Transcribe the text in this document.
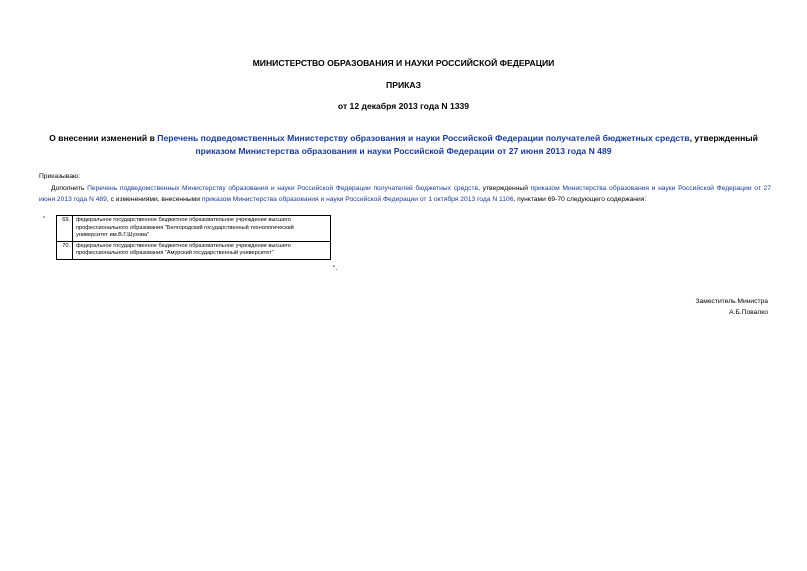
МИНИСТЕРСТВО ОБРАЗОВАНИЯ И НАУКИ РОССИЙСКОЙ ФЕДЕРАЦИИ
ПРИКАЗ
от 12 декабря 2013 года N 1339
О внесении изменений в Перечень подведомственных Министерству образования и науки Российской Федерации получателей бюджетных средств, утвержденный приказом Министерства образования и науки Российской Федерации от 27 июня 2013 года N 489
Приказываю:
Дополнить Перечень подведомственных Министерству образования и науки Российской Федерации получателей бюджетных средств, утвержденный приказом Министерства образования и науки Российской Федерации от 27 июня 2013 года N 489, с изменениями, внесенными приказом Министерства образования и науки Российской Федерации от 1 октября 2013 года N 1106, пунктами 69-70 следующего содержания:
"	69.	федеральное государственное бюджетное образовательное учреждение высшего профессионального образования "Белгородский государственный технологический университет им.В.Г.Шухова"
70.	федеральное государственное бюджетное образовательное учреждение высшего профессионального образования "Амурский государственный университет"
".
Заместитель Министра
А.Б.Повалко
